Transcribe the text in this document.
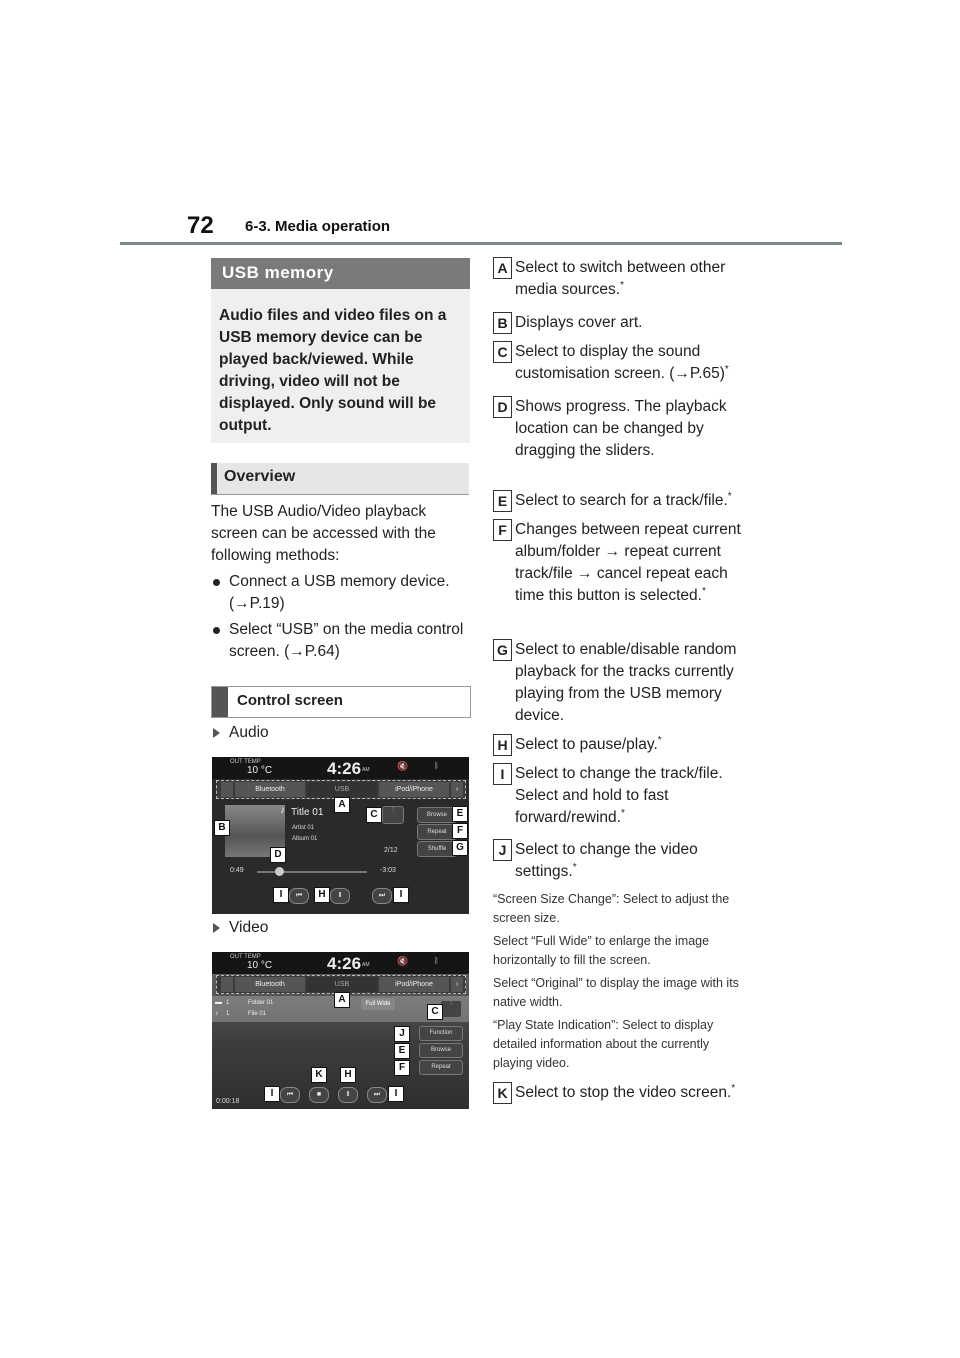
72 6-3. Media operation
USB memory

Audio files and video files on a USB memory device can be played back/viewed. While driving, video will not be displayed. Only sound will be output.

Overview
The USB Audio/Video playback screen can be accessed with the following methods:
Connect a USB memory device. (→P.19)
Select “USB” on the media control screen. (→P.64)
Control screen
Audio
OUT TEMP
10 °C	4:26 AM	🔇	ᛒ
Bluetooth	USB	iPod/iPhone	›
♪ Title 01
Artist 01
Album 01
2/12
⫶
Browse
Repeat
Shuffle
0:49	-3:03
⏮	Ⅱ	⏭
A
B
C
D
E
F
G
H
I	I
Video
OUT TEMP
10 °C	4:26 AM	🔇	ᛒ
Bluetooth	USB	iPod/iPhone	›
▬ 1	Folder 01
♪ 1	File 01
Full Wide	⫶
Function
Browse
Repeat
⏮	■	Ⅱ	⏭
0:00:18
A
C
J
E
F
K	H
I	I
A Select to switch between other media sources.*
B Displays cover art.
C Select to display the sound customisation screen. (→P.65)*
D Shows progress. The playback location can be changed by dragging the sliders.
E Select to search for a track/file.*
F Changes between repeat current album/folder → repeat current track/file → cancel repeat each time this button is selected.*
G Select to enable/disable random playback for the tracks currently playing from the USB memory device.
H Select to pause/play.*
I Select to change the track/file. Select and hold to fast forward/rewind.*
J Select to change the video settings.*
“Screen Size Change”: Select to adjust the screen size.
Select “Full Wide” to enlarge the image horizontally to fill the screen.
Select “Original” to display the image with its native width.
“Play State Indication”: Select to display detailed information about the currently playing video.
K Select to stop the video screen.*
